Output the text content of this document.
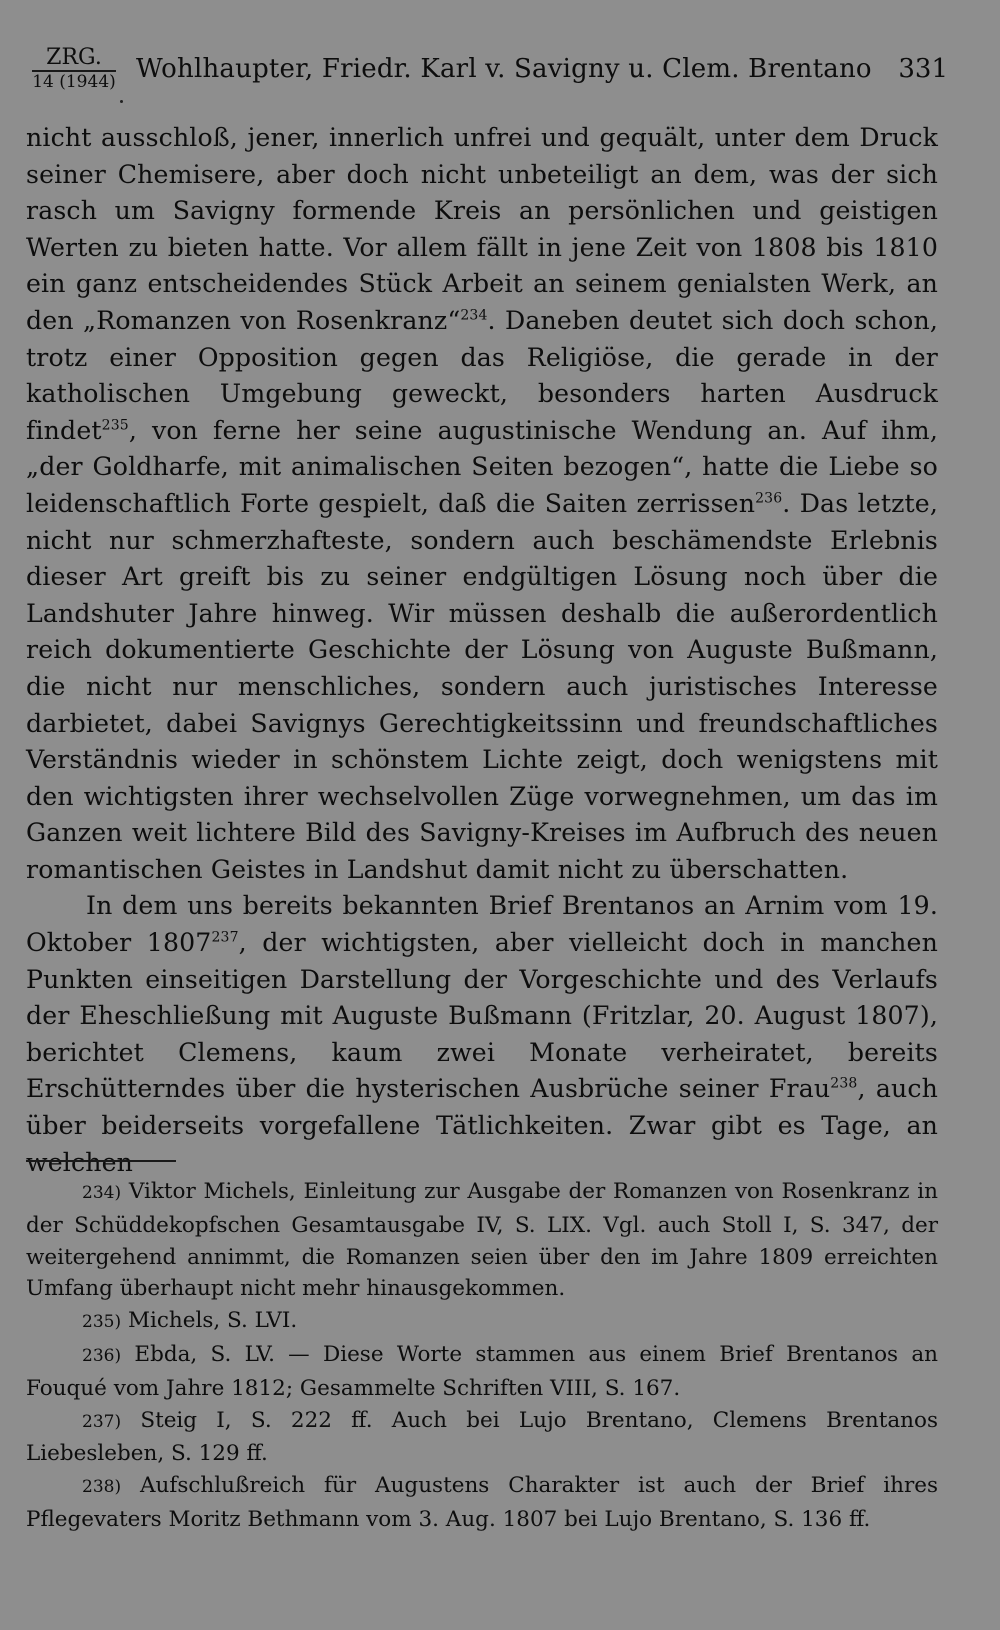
ZRG.
14 (1944) Wohlhaupter, Friedr. Karl v. Savigny u. Clem. Brentano 331

nicht ausschloß, jener, innerlich unfrei und gequält, unter dem Druck seiner Chemisere, aber doch nicht unbeteiligt an dem, was der sich rasch um Savigny formende Kreis an persönlichen und geistigen Werten zu bieten hatte. Vor allem fällt in jene Zeit von 1808 bis 1810 ein ganz entscheidendes Stück Arbeit an seinem genialsten Werk, an den „Romanzen von Rosenkranz“$^{234}$. Daneben deutet sich doch schon, trotz einer Opposition gegen das Religiöse, die gerade in der katholischen Umgebung geweckt, besonders harten Ausdruck findet$^{235}$, von ferne her seine augustinische Wendung an. Auf ihm, „der Goldharfe, mit animalischen Seiten bezogen“, hatte die Liebe so leidenschaftlich Forte gespielt, daß die Saiten zerrissen$^{236}$. Das letzte, nicht nur schmerzhafteste, sondern auch beschämendste Erlebnis dieser Art greift bis zu seiner endgültigen Lösung noch über die Landshuter Jahre hinweg. Wir müssen deshalb die außerordentlich reich dokumentierte Geschichte der Lösung von Auguste Bußmann, die nicht nur menschliches, sondern auch juristisches Interesse darbietet, dabei Savignys Gerechtigkeitssinn und freundschaftliches Verständnis wieder in schönstem Lichte zeigt, doch wenigstens mit den wichtigsten ihrer wechselvollen Züge vorwegnehmen, um das im Ganzen weit lichtere Bild des Savigny-Kreises im Aufbruch des neuen romantischen Geistes in Landshut damit nicht zu überschatten.

In dem uns bereits bekannten Brief Brentanos an Arnim vom 19. Oktober 1807$^{237}$, der wichtigsten, aber vielleicht doch in manchen Punkten einseitigen Darstellung der Vorgeschichte und des Verlaufs der Eheschließung mit Auguste Bußmann (Fritzlar, 20. August 1807), berichtet Clemens, kaum zwei Monate verheiratet, bereits Erschütterndes über die hysterischen Ausbrüche seiner Frau$^{238}$, auch über beiderseits vorgefallene Tätlichkeiten. Zwar gibt es Tage, an welchen

234) Viktor Michels, Einleitung zur Ausgabe der Romanzen von Rosenkranz in der Schüddekopfschen Gesamtausgabe IV, S. LIX. Vgl. auch Stoll I, S. 347, der weitergehend annimmt, die Romanzen seien über den im Jahre 1809 erreichten Umfang überhaupt nicht mehr hinausgekommen.

235) Michels, S. LVI.

236) Ebda, S. LV. — Diese Worte stammen aus einem Brief Brentanos an Fouqué vom Jahre 1812; Gesammelte Schriften VIII, S. 167.

237) Steig I, S. 222 ff. Auch bei Lujo Brentano, Clemens Brentanos Liebesleben, S. 129 ff.

238) Aufschlußreich für Augustens Charakter ist auch der Brief ihres Pflegevaters Moritz Bethmann vom 3. Aug. 1807 bei Lujo Brentano, S. 136 ff.
